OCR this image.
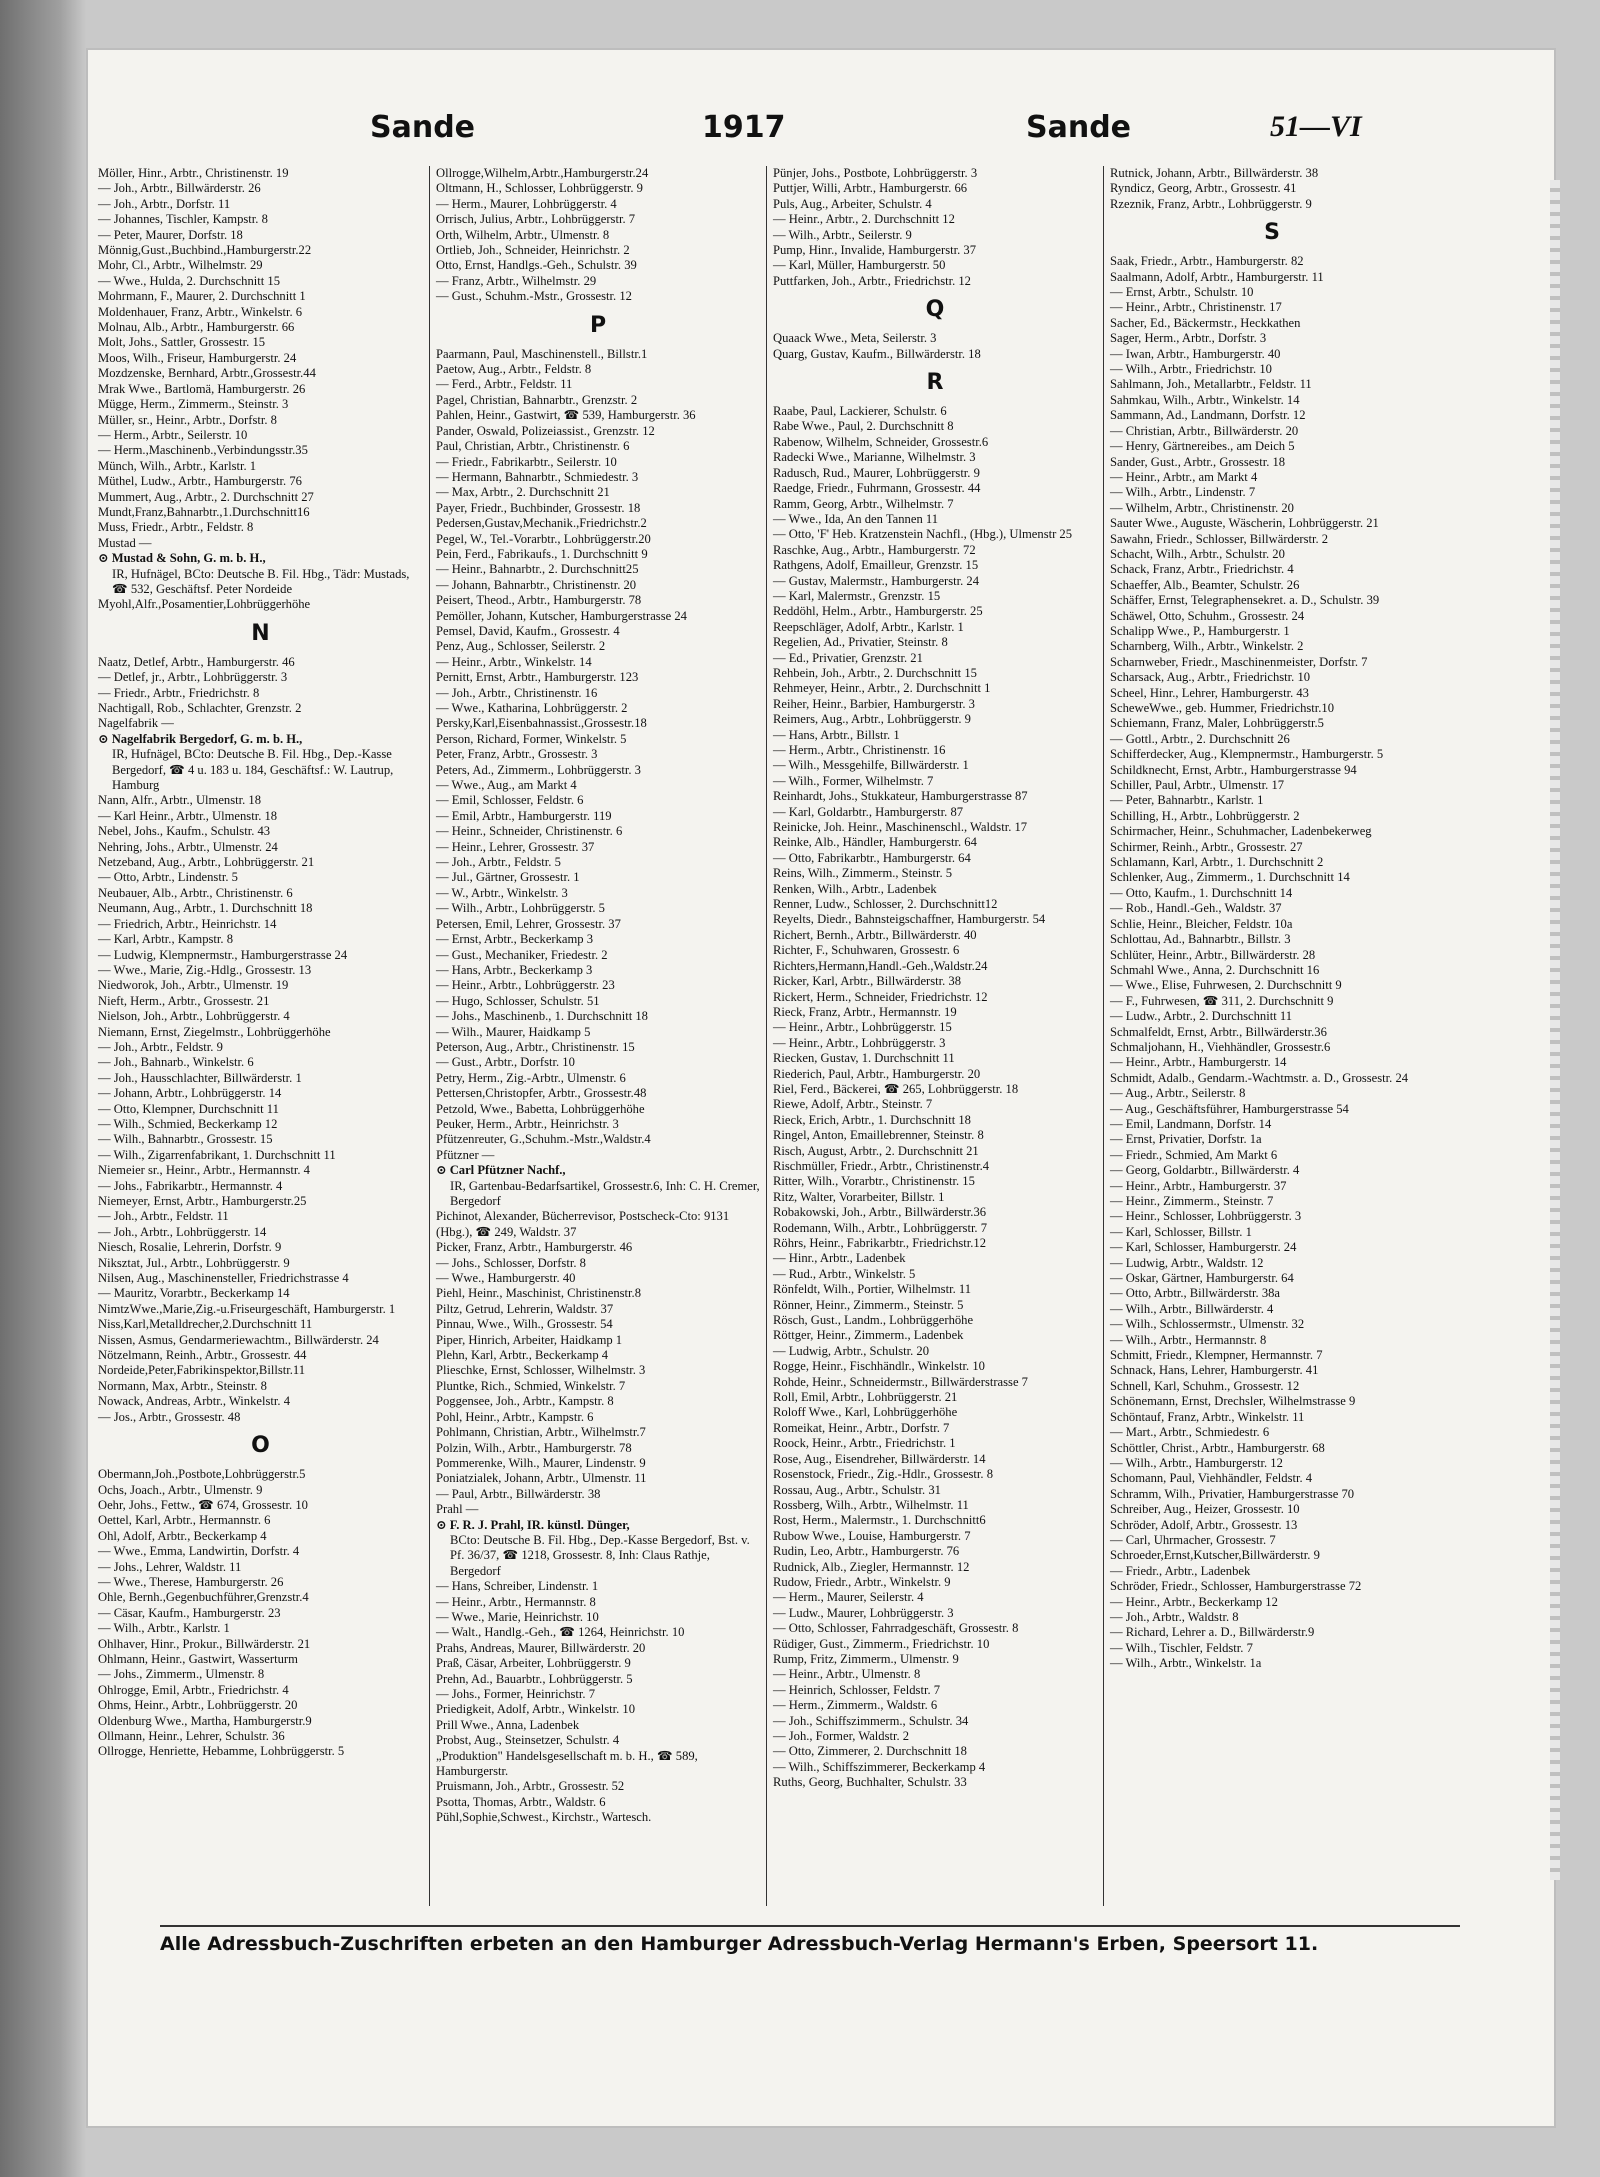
Sande	1917	Sande	51—VI
Möller, Hinr., Arbtr., Christinenstr. 19
— Joh., Arbtr., Billwärderstr. 26
— Joh., Arbtr., Dorfstr. 11
— Johannes, Tischler, Kampstr. 8
— Peter, Maurer, Dorfstr. 18
Mönnig,Gust.,Buchbind.,Hamburgerstr.22
Mohr, Cl., Arbtr., Wilhelmstr. 29
— Wwe., Hulda, 2. Durchschnitt 15
Mohrmann, F., Maurer, 2. Durchschnitt 1
Moldenhauer, Franz, Arbtr., Winkelstr. 6
Molnau, Alb., Arbtr., Hamburgerstr. 66
Molt, Johs., Sattler, Grossestr. 15
Moos, Wilh., Friseur, Hamburgerstr. 24
Mozdzenske, Bernhard, Arbtr.,Grossestr.44
Mrak Wwe., Bartlomä, Hamburgerstr. 26
Mügge, Herm., Zimmerm., Steinstr. 3
Müller, sr., Heinr., Arbtr., Dorfstr. 8
— Herm., Arbtr., Seilerstr. 10
— Herm.,Maschinenb.,Verbindungsstr.35
Münch, Wilh., Arbtr., Karlstr. 1
Müthel, Ludw., Arbtr., Hamburgerstr. 76
Mummert, Aug., Arbtr., 2. Durchschnitt 27
Mundt,Franz,Bahnarbtr.,1.Durchschnitt16
Muss, Friedr., Arbtr., Feldstr. 8
Mustad —
⊙ Mustad & Sohn, G. m. b. H.,
IR, Hufnägel, BCto: Deutsche B. Fil. Hbg., Tädr: Mustads, ☎ 532, Geschäftsf. Peter Nordeide
Myohl,Alfr.,Posamentier,Lohbrüggerhöhe
N
Naatz, Detlef, Arbtr., Hamburgerstr. 46
— Detlef, jr., Arbtr., Lohbrüggerstr. 3
— Friedr., Arbtr., Friedrichstr. 8
Nachtigall, Rob., Schlachter, Grenzstr. 2
Nagelfabrik —
⊙ Nagelfabrik Bergedorf, G. m. b. H.,
IR, Hufnägel, BCto: Deutsche B. Fil. Hbg., Dep.-Kasse Bergedorf, ☎ 4 u. 183 u. 184, Geschäftsf.: W. Lautrup, Hamburg
Nann, Alfr., Arbtr., Ulmenstr. 18
— Karl Heinr., Arbtr., Ulmenstr. 18
Nebel, Johs., Kaufm., Schulstr. 43
Nehring, Johs., Arbtr., Ulmenstr. 24
Netzeband, Aug., Arbtr., Lohbrüggerstr. 21
— Otto, Arbtr., Lindenstr. 5
Neubauer, Alb., Arbtr., Christinenstr. 6
Neumann, Aug., Arbtr., 1. Durchschnitt 18
— Friedrich, Arbtr., Heinrichstr. 14
— Karl, Arbtr., Kampstr. 8
— Ludwig, Klempnermstr., Hamburgerstrasse 24
— Wwe., Marie, Zig.-Hdlg., Grossestr. 13
Niedworok, Joh., Arbtr., Ulmenstr. 19
Nieft, Herm., Arbtr., Grossestr. 21
Nielson, Joh., Arbtr., Lohbrüggerstr. 4
Niemann, Ernst, Ziegelmstr., Lohbrüggerhöhe
— Joh., Arbtr., Feldstr. 9
— Joh., Bahnarb., Winkelstr. 6
— Joh., Hausschlachter, Billwärderstr. 1
— Johann, Arbtr., Lohbrüggerstr. 14
— Otto, Klempner, Durchschnitt 11
— Wilh., Schmied, Beckerkamp 12
— Wilh., Bahnarbtr., Grossestr. 15
— Wilh., Zigarrenfabrikant, 1. Durchschnitt 11
Niemeier sr., Heinr., Arbtr., Hermannstr. 4
— Johs., Fabrikarbtr., Hermannstr. 4
Niemeyer, Ernst, Arbtr., Hamburgerstr.25
— Joh., Arbtr., Feldstr. 11
— Joh., Arbtr., Lohbrüggerstr. 14
Niesch, Rosalie, Lehrerin, Dorfstr. 9
Niksztat, Jul., Arbtr., Lohbrüggerstr. 9
Nilsen, Aug., Maschinensteller, Friedrichstrasse 4
— Mauritz, Vorarbtr., Beckerkamp 14
NimtzWwe.,Marie,Zig.-u.Friseurgeschäft, Hamburgerstr. 1
Niss,Karl,Metalldrecher,2.Durchschnitt 11
Nissen, Asmus, Gendarmeriewachtm., Billwärderstr. 24
Nötzelmann, Reinh., Arbtr., Grossestr. 44
Nordeide,Peter,Fabrikinspektor,Billstr.11
Normann, Max, Arbtr., Steinstr. 8
Nowack, Andreas, Arbtr., Winkelstr. 4
— Jos., Arbtr., Grossestr. 48
O
Obermann,Joh.,Postbote,Lohbrüggerstr.5
Ochs, Joach., Arbtr., Ulmenstr. 9
Oehr, Johs., Fettw., ☎ 674, Grossestr. 10
Oettel, Karl, Arbtr., Hermannstr. 6
Ohl, Adolf, Arbtr., Beckerkamp 4
— Wwe., Emma, Landwirtin, Dorfstr. 4
— Johs., Lehrer, Waldstr. 11
— Wwe., Therese, Hamburgerstr. 26
Ohle, Bernh.,Gegenbuchführer,Grenzstr.4
— Cäsar, Kaufm., Hamburgerstr. 23
— Wilh., Arbtr., Karlstr. 1
Ohlhaver, Hinr., Prokur., Billwärderstr. 21
Ohlmann, Heinr., Gastwirt, Wasserturm
— Johs., Zimmerm., Ulmenstr. 8
Ohlrogge, Emil, Arbtr., Friedrichstr. 4
Ohms, Heinr., Arbtr., Lohbrüggerstr. 20
Oldenburg Wwe., Martha, Hamburgerstr.9
Ollmann, Heinr., Lehrer, Schulstr. 36
Ollrogge, Henriette, Hebamme, Lohbrüggerstr. 5
Ollrogge,Wilhelm,Arbtr.,Hamburgerstr.24
Oltmann, H., Schlosser, Lohbrüggerstr. 9
— Herm., Maurer, Lohbrüggerstr. 4
Orrisch, Julius, Arbtr., Lohbrüggerstr. 7
Orth, Wilhelm, Arbtr., Ulmenstr. 8
Ortlieb, Joh., Schneider, Heinrichstr. 2
Otto, Ernst, Handlgs.-Geh., Schulstr. 39
— Franz, Arbtr., Wilhelmstr. 29
— Gust., Schuhm.-Mstr., Grossestr. 12
P
Paarmann, Paul, Maschinenstell., Billstr.1
Paetow, Aug., Arbtr., Feldstr. 8
— Ferd., Arbtr., Feldstr. 11
Pagel, Christian, Bahnarbtr., Grenzstr. 2
Pahlen, Heinr., Gastwirt, ☎ 539, Hamburgerstr. 36
Pander, Oswald, Polizeiassist., Grenzstr. 12
Paul, Christian, Arbtr., Christinenstr. 6
— Friedr., Fabrikarbtr., Seilerstr. 10
— Hermann, Bahnarbtr., Schmiedestr. 3
— Max, Arbtr., 2. Durchschnitt 21
Payer, Friedr., Buchbinder, Grossestr. 18
Pedersen,Gustav,Mechanik.,Friedrichstr.2
Pegel, W., Tel.-Vorarbtr., Lohbrüggerstr.20
Pein, Ferd., Fabrikaufs., 1. Durchschnitt 9
— Heinr., Bahnarbtr., 2. Durchschnitt25
— Johann, Bahnarbtr., Christinenstr. 20
Peisert, Theod., Arbtr., Hamburgerstr. 78
Pemöller, Johann, Kutscher, Hamburgerstrasse 24
Pemsel, David, Kaufm., Grossestr. 4
Penz, Aug., Schlosser, Seilerstr. 2
— Heinr., Arbtr., Winkelstr. 14
Pernitt, Ernst, Arbtr., Hamburgerstr. 123
— Joh., Arbtr., Christinenstr. 16
— Wwe., Katharina, Lohbrüggerstr. 2
Persky,Karl,Eisenbahnassist.,Grossestr.18
Person, Richard, Former, Winkelstr. 5
Peter, Franz, Arbtr., Grossestr. 3
Peters, Ad., Zimmerm., Lohbrüggerstr. 3
— Wwe., Aug., am Markt 4
— Emil, Schlosser, Feldstr. 6
— Emil, Arbtr., Hamburgerstr. 119
— Heinr., Schneider, Christinenstr. 6
— Heinr., Lehrer, Grossestr. 37
— Joh., Arbtr., Feldstr. 5
— Jul., Gärtner, Grossestr. 1
— W., Arbtr., Winkelstr. 3
— Wilh., Arbtr., Lohbrüggerstr. 5
Petersen, Emil, Lehrer, Grossestr. 37
— Ernst, Arbtr., Beckerkamp 3
— Gust., Mechaniker, Friedestr. 2
— Hans, Arbtr., Beckerkamp 3
— Heinr., Arbtr., Lohbrüggerstr. 23
— Hugo, Schlosser, Schulstr. 51
— Johs., Maschinenb., 1. Durchschnitt 18
— Wilh., Maurer, Haidkamp 5
Peterson, Aug., Arbtr., Christinenstr. 15
— Gust., Arbtr., Dorfstr. 10
Petry, Herm., Zig.-Arbtr., Ulmenstr. 6
Pettersen,Christopfer, Arbtr., Grossestr.48
Petzold, Wwe., Babetta, Lohbrüggerhöhe
Peuker, Herm., Arbtr., Heinrichstr. 3
Pfützenreuter, G.,Schuhm.-Mstr.,Waldstr.4
Pfützner —
⊙ Carl Pfützner Nachf.,
IR, Gartenbau-Bedarfsartikel, Grossestr.6, Inh: C. H. Cremer, Bergedorf
Pichinot, Alexander, Bücherrevisor, Postscheck-Cto: 9131 (Hbg.), ☎ 249, Waldstr. 37
Picker, Franz, Arbtr., Hamburgerstr. 46
— Johs., Schlosser, Dorfstr. 8
— Wwe., Hamburgerstr. 40
Piehl, Heinr., Maschinist, Christinenstr.8
Piltz, Getrud, Lehrerin, Waldstr. 37
Pinnau, Wwe., Wilh., Grossestr. 54
Piper, Hinrich, Arbeiter, Haidkamp 1
Plehn, Karl, Arbtr., Beckerkamp 4
Plieschke, Ernst, Schlosser, Wilhelmstr. 3
Pluntke, Rich., Schmied, Winkelstr. 7
Poggensee, Joh., Arbtr., Kampstr. 8
Pohl, Heinr., Arbtr., Kampstr. 6
Pohlmann, Christian, Arbtr., Wilhelmstr.7
Polzin, Wilh., Arbtr., Hamburgerstr. 78
Pommerenke, Wilh., Maurer, Lindenstr. 9
Poniatzialek, Johann, Arbtr., Ulmenstr. 11
— Paul, Arbtr., Billwärderstr. 38
Prahl —
⊙ F. R. J. Prahl, IR. künstl. Dünger,
BCto: Deutsche B. Fil. Hbg., Dep.-Kasse Bergedorf, Bst. v. Pf. 36/37, ☎ 1218, Grossestr. 8, Inh: Claus Rathje, Bergedorf
— Hans, Schreiber, Lindenstr. 1
— Heinr., Arbtr., Hermannstr. 8
— Wwe., Marie, Heinrichstr. 10
— Walt., Handlg.-Geh., ☎ 1264, Heinrichstr. 10
Prahs, Andreas, Maurer, Billwärderstr. 20
Praß, Cäsar, Arbeiter, Lohbrüggerstr. 9
Prehn, Ad., Bauarbtr., Lohbrüggerstr. 5
— Johs., Former, Heinrichstr. 7
Priedigkeit, Adolf, Arbtr., Winkelstr. 10
Prill Wwe., Anna, Ladenbek
Probst, Aug., Steinsetzer, Schulstr. 4
„Produktion" Handelsgesellschaft m. b. H., ☎ 589, Hamburgerstr.
Pruismann, Joh., Arbtr., Grossestr. 52
Psotta, Thomas, Arbtr., Waldstr. 6
Pühl,Sophie,Schwest., Kirchstr., Wartesch.
Pünjer, Johs., Postbote, Lohbrüggerstr. 3
Puttjer, Willi, Arbtr., Hamburgerstr. 66
Puls, Aug., Arbeiter, Schulstr. 4
— Heinr., Arbtr., 2. Durchschnitt 12
— Wilh., Arbtr., Seilerstr. 9
Pump, Hinr., Invalide, Hamburgerstr. 37
— Karl, Müller, Hamburgerstr. 50
Puttfarken, Joh., Arbtr., Friedrichstr. 12
Q
Quaack Wwe., Meta, Seilerstr. 3
Quarg, Gustav, Kaufm., Billwärderstr. 18
R
Raabe, Paul, Lackierer, Schulstr. 6
Rabe Wwe., Paul, 2. Durchschnitt 8
Rabenow, Wilhelm, Schneider, Grossestr.6
Radecki Wwe., Marianne, Wilhelmstr. 3
Radusch, Rud., Maurer, Lohbrüggerstr. 9
Raedge, Friedr., Fuhrmann, Grossestr. 44
Ramm, Georg, Arbtr., Wilhelmstr. 7
— Wwe., Ida, An den Tannen 11
— Otto, 'F' Heb. Kratzenstein Nachfl., (Hbg.), Ulmenstr 25
Raschke, Aug., Arbtr., Hamburgerstr. 72
Rathgens, Adolf, Emailleur, Grenzstr. 15
— Gustav, Malermstr., Hamburgerstr. 24
— Karl, Malermstr., Grenzstr. 15
Reddöhl, Helm., Arbtr., Hamburgerstr. 25
Reepschläger, Adolf, Arbtr., Karlstr. 1
Regelien, Ad., Privatier, Steinstr. 8
— Ed., Privatier, Grenzstr. 21
Rehbein, Joh., Arbtr., 2. Durchschnitt 15
Rehmeyer, Heinr., Arbtr., 2. Durchschnitt 1
Reiher, Heinr., Barbier, Hamburgerstr. 3
Reimers, Aug., Arbtr., Lohbrüggerstr. 9
— Hans, Arbtr., Billstr. 1
— Herm., Arbtr., Christinenstr. 16
— Wilh., Messgehilfe, Billwärderstr. 1
— Wilh., Former, Wilhelmstr. 7
Reinhardt, Johs., Stukkateur, Hamburgerstrasse 87
— Karl, Goldarbtr., Hamburgerstr. 87
Reinicke, Joh. Heinr., Maschinenschl., Waldstr. 17
Reinke, Alb., Händler, Hamburgerstr. 64
— Otto, Fabrikarbtr., Hamburgerstr. 64
Reins, Wilh., Zimmerm., Steinstr. 5
Renken, Wilh., Arbtr., Ladenbek
Renner, Ludw., Schlosser, 2. Durchschnitt12
Reyelts, Diedr., Bahnsteigschaffner, Hamburgerstr. 54
Richert, Bernh., Arbtr., Billwärderstr. 40
Richter, F., Schuhwaren, Grossestr. 6
Richters,Hermann,Handl.-Geh.,Waldstr.24
Ricker, Karl, Arbtr., Billwärderstr. 38
Rickert, Herm., Schneider, Friedrichstr. 12
Rieck, Franz, Arbtr., Hermannstr. 19
— Heinr., Arbtr., Lohbrüggerstr. 15
— Heinr., Arbtr., Lohbrüggerstr. 3
Riecken, Gustav, 1. Durchschnitt 11
Riederich, Paul, Arbtr., Hamburgerstr. 20
Riel, Ferd., Bäckerei, ☎ 265, Lohbrüggerstr. 18
Riewe, Adolf, Arbtr., Steinstr. 7
Rieck, Erich, Arbtr., 1. Durchschnitt 18
Ringel, Anton, Emaillebrenner, Steinstr. 8
Risch, August, Arbtr., 2. Durchschnitt 21
Rischmüller, Friedr., Arbtr., Christinenstr.4
Ritter, Wilh., Vorarbtr., Christinenstr. 15
Ritz, Walter, Vorarbeiter, Billstr. 1
Robakowski, Joh., Arbtr., Billwärderstr.36
Rodemann, Wilh., Arbtr., Lohbrüggerstr. 7
Röhrs, Heinr., Fabrikarbtr., Friedrichstr.12
— Hinr., Arbtr., Ladenbek
— Rud., Arbtr., Winkelstr. 5
Rönfeldt, Wilh., Portier, Wilhelmstr. 11
Rönner, Heinr., Zimmerm., Steinstr. 5
Rösch, Gust., Landm., Lohbrüggerhöhe
Röttger, Heinr., Zimmerm., Ladenbek
— Ludwig, Arbtr., Schulstr. 20
Rogge, Heinr., Fischhändlr., Winkelstr. 10
Rohde, Heinr., Schneidermstr., Billwärderstrasse 7
Roll, Emil, Arbtr., Lohbrüggerstr. 21
Roloff Wwe., Karl, Lohbrüggerhöhe
Romeikat, Heinr., Arbtr., Dorfstr. 7
Roock, Heinr., Arbtr., Friedrichstr. 1
Rose, Aug., Eisendreher, Billwärderstr. 14
Rosenstock, Friedr., Zig.-Hdlr., Grossestr. 8
Rossau, Aug., Arbtr., Schulstr. 31
Rossberg, Wilh., Arbtr., Wilhelmstr. 11
Rost, Herm., Malermstr., 1. Durchschnitt6
Rubow Wwe., Louise, Hamburgerstr. 7
Rudin, Leo, Arbtr., Hamburgerstr. 76
Rudnick, Alb., Ziegler, Hermannstr. 12
Rudow, Friedr., Arbtr., Winkelstr. 9
— Herm., Maurer, Seilerstr. 4
— Ludw., Maurer, Lohbrüggerstr. 3
— Otto, Schlosser, Fahrradgeschäft, Grossestr. 8
Rüdiger, Gust., Zimmerm., Friedrichstr. 10
Rump, Fritz, Zimmerm., Ulmenstr. 9
— Heinr., Arbtr., Ulmenstr. 8
— Heinrich, Schlosser, Feldstr. 7
— Herm., Zimmerm., Waldstr. 6
— Joh., Schiffszimmerm., Schulstr. 34
— Joh., Former, Waldstr. 2
— Otto, Zimmerer, 2. Durchschnitt 18
— Wilh., Schiffszimmerer, Beckerkamp 4
Ruths, Georg, Buchhalter, Schulstr. 33
Rutnick, Johann, Arbtr., Billwärderstr. 38
Ryndicz, Georg, Arbtr., Grossestr. 41
Rzeznik, Franz, Arbtr., Lohbrüggerstr. 9
S
Saak, Friedr., Arbtr., Hamburgerstr. 82
Saalmann, Adolf, Arbtr., Hamburgerstr. 11
— Ernst, Arbtr., Schulstr. 10
— Heinr., Arbtr., Christinenstr. 17
Sacher, Ed., Bäckermstr., Heckkathen
Sager, Herm., Arbtr., Dorfstr. 3
— Iwan, Arbtr., Hamburgerstr. 40
— Wilh., Arbtr., Friedrichstr. 10
Sahlmann, Joh., Metallarbtr., Feldstr. 11
Sahmkau, Wilh., Arbtr., Winkelstr. 14
Sammann, Ad., Landmann, Dorfstr. 12
— Christian, Arbtr., Billwärderstr. 20
— Henry, Gärtnereibes., am Deich 5
Sander, Gust., Arbtr., Grossestr. 18
— Heinr., Arbtr., am Markt 4
— Wilh., Arbtr., Lindenstr. 7
— Wilhelm, Arbtr., Christinenstr. 20
Sauter Wwe., Auguste, Wäscherin, Lohbrüggerstr. 21
Sawahn, Friedr., Schlosser, Billwärderstr. 2
Schacht, Wilh., Arbtr., Schulstr. 20
Schack, Franz, Arbtr., Friedrichstr. 4
Schaeffer, Alb., Beamter, Schulstr. 26
Schäffer, Ernst, Telegraphensekret. a. D., Schulstr. 39
Schäwel, Otto, Schuhm., Grossestr. 24
Schalipp Wwe., P., Hamburgerstr. 1
Scharnberg, Wilh., Arbtr., Winkelstr. 2
Scharnweber, Friedr., Maschinenmeister, Dorfstr. 7
Scharsack, Aug., Arbtr., Friedrichstr. 10
Scheel, Hinr., Lehrer, Hamburgerstr. 43
ScheweWwe., geb. Hummer, Friedrichstr.10
Schiemann, Franz, Maler, Lohbrüggerstr.5
— Gottl., Arbtr., 2. Durchschnitt 26
Schifferdecker, Aug., Klempnermstr., Hamburgerstr. 5
Schildknecht, Ernst, Arbtr., Hamburgerstrasse 94
Schiller, Paul, Arbtr., Ulmenstr. 17
— Peter, Bahnarbtr., Karlstr. 1
Schilling, H., Arbtr., Lohbrüggerstr. 2
Schirmacher, Heinr., Schuhmacher, Ladenbekerweg
Schirmer, Reinh., Arbtr., Grossestr. 27
Schlamann, Karl, Arbtr., 1. Durchschnitt 2
Schlenker, Aug., Zimmerm., 1. Durchschnitt 14
— Otto, Kaufm., 1. Durchschnitt 14
— Rob., Handl.-Geh., Waldstr. 37
Schlie, Heinr., Bleicher, Feldstr. 10a
Schlottau, Ad., Bahnarbtr., Billstr. 3
Schlüter, Heinr., Arbtr., Billwärderstr. 28
Schmahl Wwe., Anna, 2. Durchschnitt 16
— Wwe., Elise, Fuhrwesen, 2. Durchschnitt 9
— F., Fuhrwesen, ☎ 311, 2. Durchschnitt 9
— Ludw., Arbtr., 2. Durchschnitt 11
Schmalfeldt, Ernst, Arbtr., Billwärderstr.36
Schmaljohann, H., Viehhändler, Grossestr.6
— Heinr., Arbtr., Hamburgerstr. 14
Schmidt, Adalb., Gendarm.-Wachtmstr. a. D., Grossestr. 24
— Aug., Arbtr., Seilerstr. 8
— Aug., Geschäftsführer, Hamburgerstrasse 54
— Emil, Landmann, Dorfstr. 14
— Ernst, Privatier, Dorfstr. 1a
— Friedr., Schmied, Am Markt 6
— Georg, Goldarbtr., Billwärderstr. 4
— Heinr., Arbtr., Hamburgerstr. 37
— Heinr., Zimmerm., Steinstr. 7
— Heinr., Schlosser, Lohbrüggerstr. 3
— Karl, Schlosser, Billstr. 1
— Karl, Schlosser, Hamburgerstr. 24
— Ludwig, Arbtr., Waldstr. 12
— Oskar, Gärtner, Hamburgerstr. 64
— Otto, Arbtr., Billwärderstr. 38a
— Wilh., Arbtr., Billwärderstr. 4
— Wilh., Schlossermstr., Ulmenstr. 32
— Wilh., Arbtr., Hermannstr. 8
Schmitt, Friedr., Klempner, Hermannstr. 7
Schnack, Hans, Lehrer, Hamburgerstr. 41
Schnell, Karl, Schuhm., Grossestr. 12
Schönemann, Ernst, Drechsler, Wilhelmstrasse 9
Schöntauf, Franz, Arbtr., Winkelstr. 11
— Mart., Arbtr., Schmiedestr. 6
Schöttler, Christ., Arbtr., Hamburgerstr. 68
— Wilh., Arbtr., Hamburgerstr. 12
Schomann, Paul, Viehhändler, Feldstr. 4
Schramm, Wilh., Privatier, Hamburgerstrasse 70
Schreiber, Aug., Heizer, Grossestr. 10
Schröder, Adolf, Arbtr., Grossestr. 13
— Carl, Uhrmacher, Grossestr. 7
Schroeder,Ernst,Kutscher,Billwärderstr. 9
— Friedr., Arbtr., Ladenbek
Schröder, Friedr., Schlosser, Hamburgerstrasse 72
— Heinr., Arbtr., Beckerkamp 12
— Joh., Arbtr., Waldstr. 8
— Richard, Lehrer a. D., Billwärderstr.9
— Wilh., Tischler, Feldstr. 7
— Wilh., Arbtr., Winkelstr. 1a
Alle Adressbuch-Zuschriften erbeten an den Hamburger Adressbuch-Verlag Hermann's Erben, Speersort 11.
